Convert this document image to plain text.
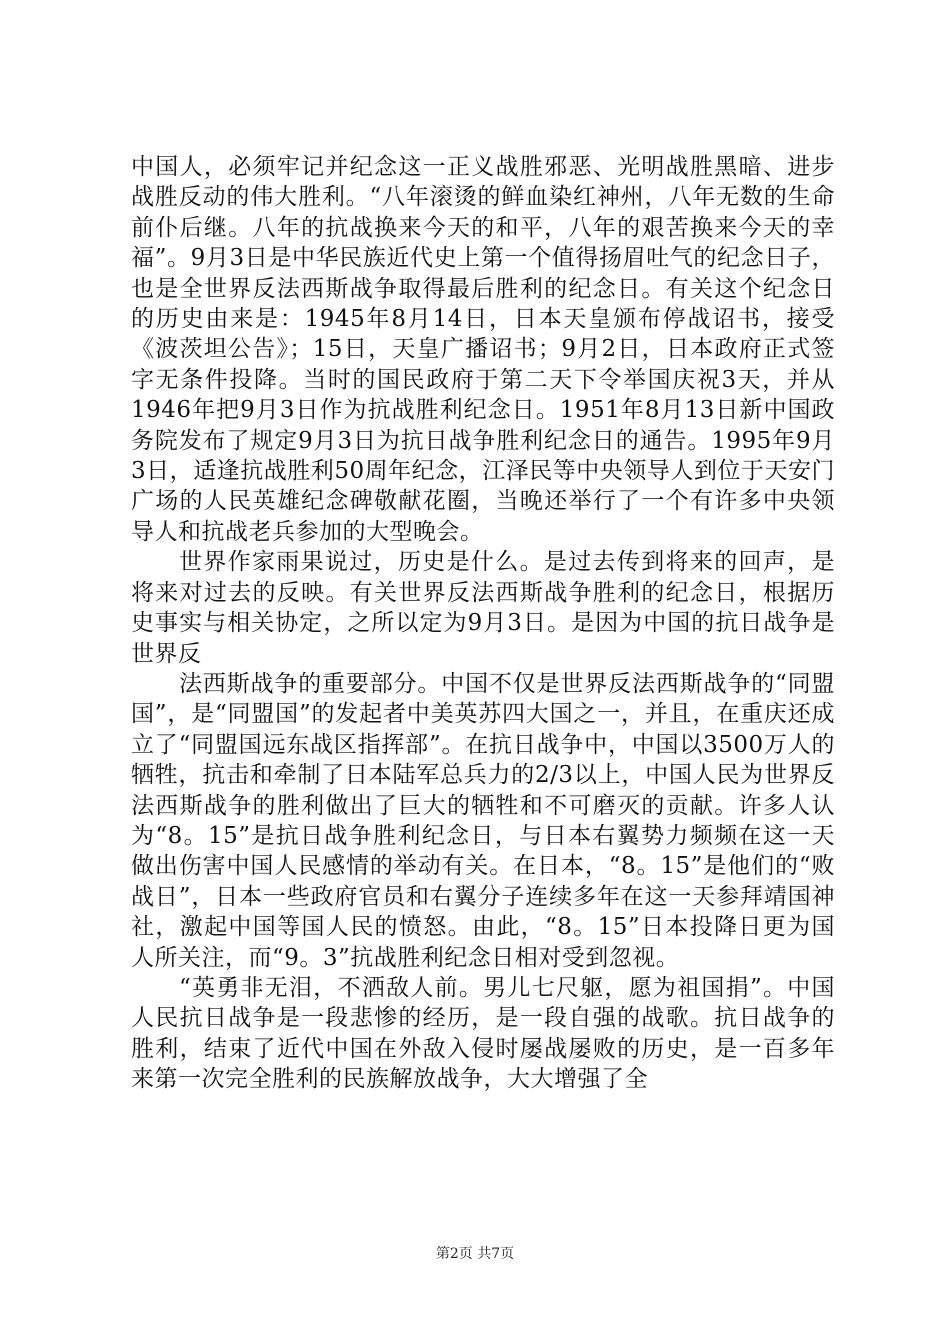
中国人，必须牢记并纪念这一正义战胜邪恶、光明战胜黑暗、进步战胜反动的伟大胜利。“八年滚烫的鲜血染红神州，八年无数的生命前仆后继。八年的抗战换来今天的和平，八年的艰苦换来今天的幸福”。9月3日是中华民族近代史上第一个值得扬眉吐气的纪念日子，也是全世界反法西斯战争取得最后胜利的纪念日。有关这个纪念日的历史由来是：1945年8月14日，日本天皇颁布停战诏书，接受《波茨坦公告》；15日，天皇广播诏书；9月2日，日本政府正式签字无条件投降。当时的国民政府于第二天下令举国庆祝3天，并从1946年把9月3日作为抗战胜利纪念日。1951年8月13日新中国政务院发布了规定9月3日为抗日战争胜利纪念日的通告。1995年9月3日，适逢抗战胜利50周年纪念，江泽民等中央领导人到位于天安门广场的人民英雄纪念碑敬献花圈，当晚还举行了一个有许多中央领导人和抗战老兵参加的大型晚会。

世界作家雨果说过，历史是什么。是过去传到将来的回声，是将来对过去的反映。有关世界反法西斯战争胜利的纪念日，根据历史事实与相关协定，之所以定为9月3日。是因为中国的抗日战争是世界反

法西斯战争的重要部分。中国不仅是世界反法西斯战争的“同盟国”，是“同盟国”的发起者中美英苏四大国之一，并且，在重庆还成立了“同盟国远东战区指挥部”。在抗日战争中，中国以3500万人的牺牲，抗击和牵制了日本陆军总兵力的2/3以上，中国人民为世界反法西斯战争的胜利做出了巨大的牺牲和不可磨灭的贡献。许多人认为“8。15”是抗日战争胜利纪念日，与日本右翼势力频频在这一天做出伤害中国人民感情的举动有关。在日本，“8。15”是他们的“败战日”，日本一些政府官员和右翼分子连续多年在这一天参拜靖国神社，激起中国等国人民的愤怒。由此，“8。15”日本投降日更为国人所关注，而“9。3”抗战胜利纪念日相对受到忽视。

“英勇非无泪，不洒敌人前。男儿七尺躯，愿为祖国捐”。中国人民抗日战争是一段悲惨的经历，是一段自强的战歌。抗日战争的胜利，结束了近代中国在外敌入侵时屡战屡败的历史，是一百多年来第一次完全胜利的民族解放战争，大大增强了全

第2页 共7页
